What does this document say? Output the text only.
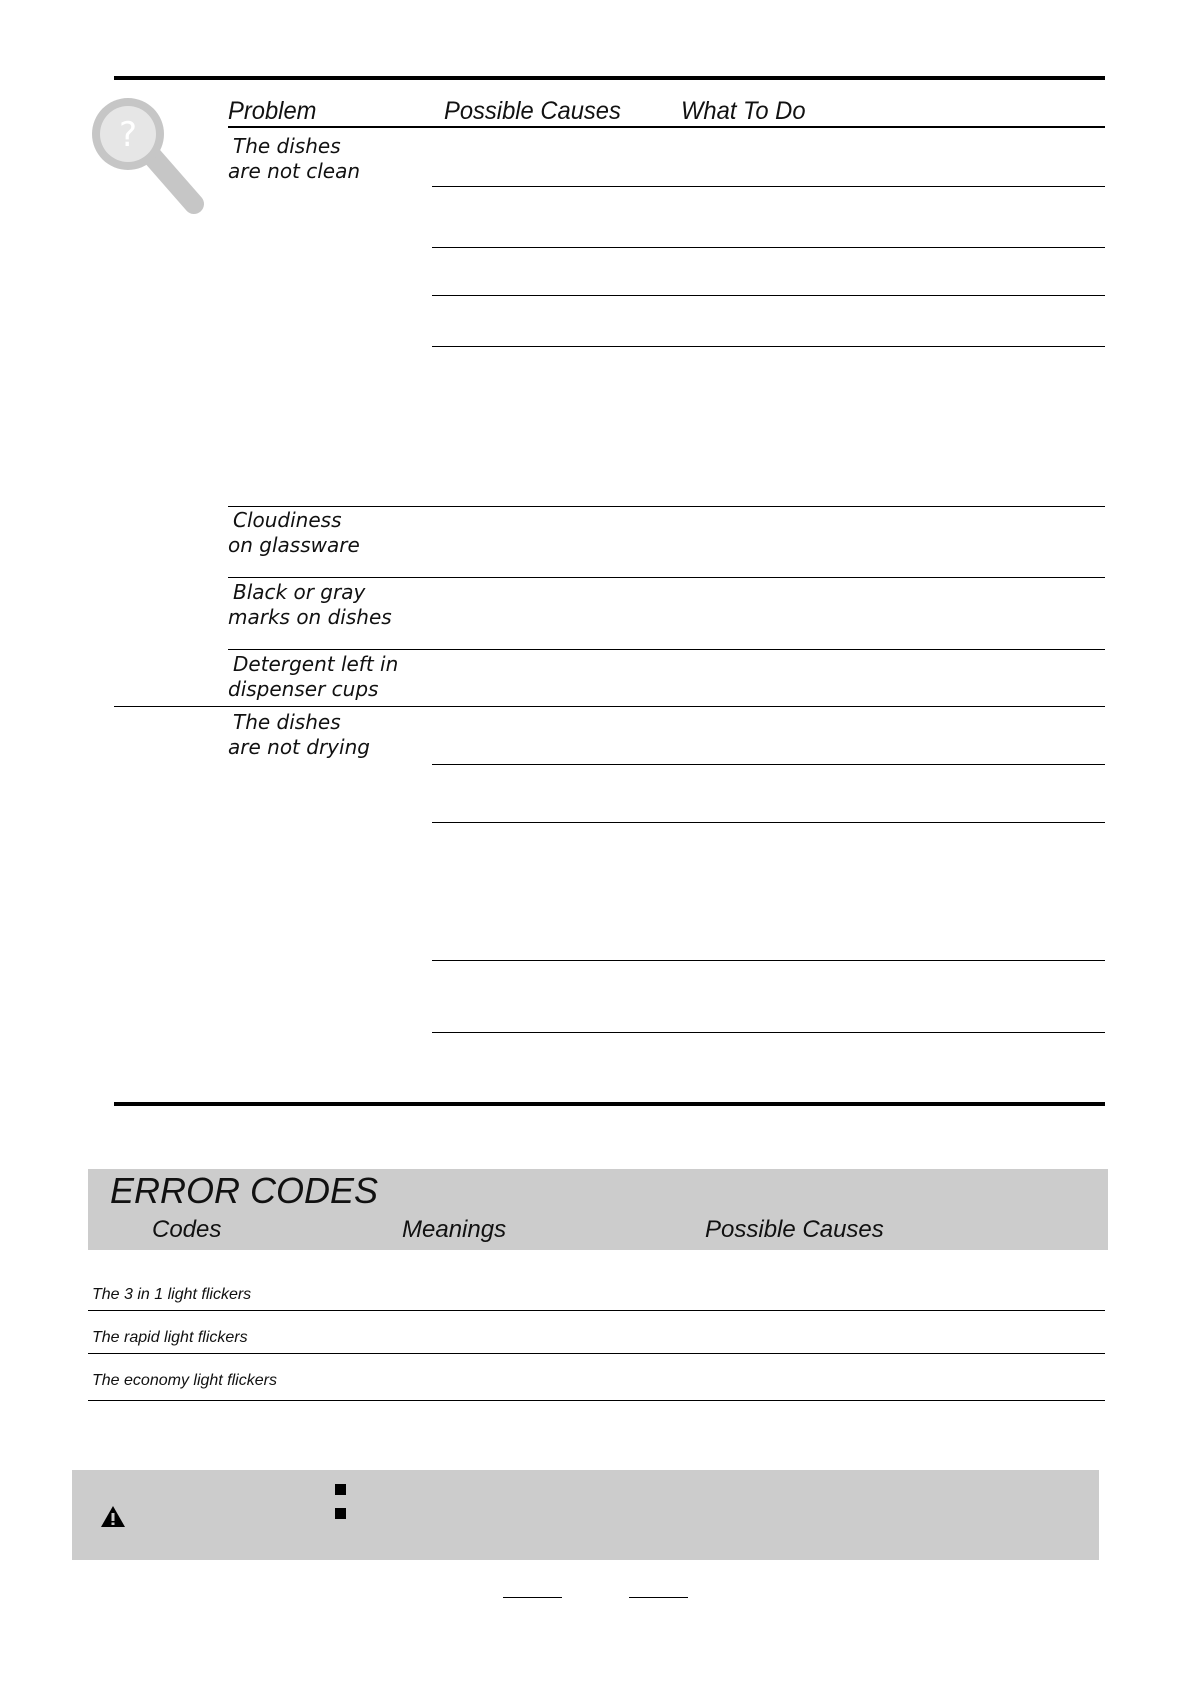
?
Problem	Possible Causes What To Do
The dishes
are not clean
Cloudiness
on glassware
Black or gray
marks on dishes
Detergent left in
dispenser cups
The dishes
are not drying
ERROR CODES
Codes	Meanings	Possible Causes
The 3 in 1 light flickers
The rapid light flickers
The economy light flickers
